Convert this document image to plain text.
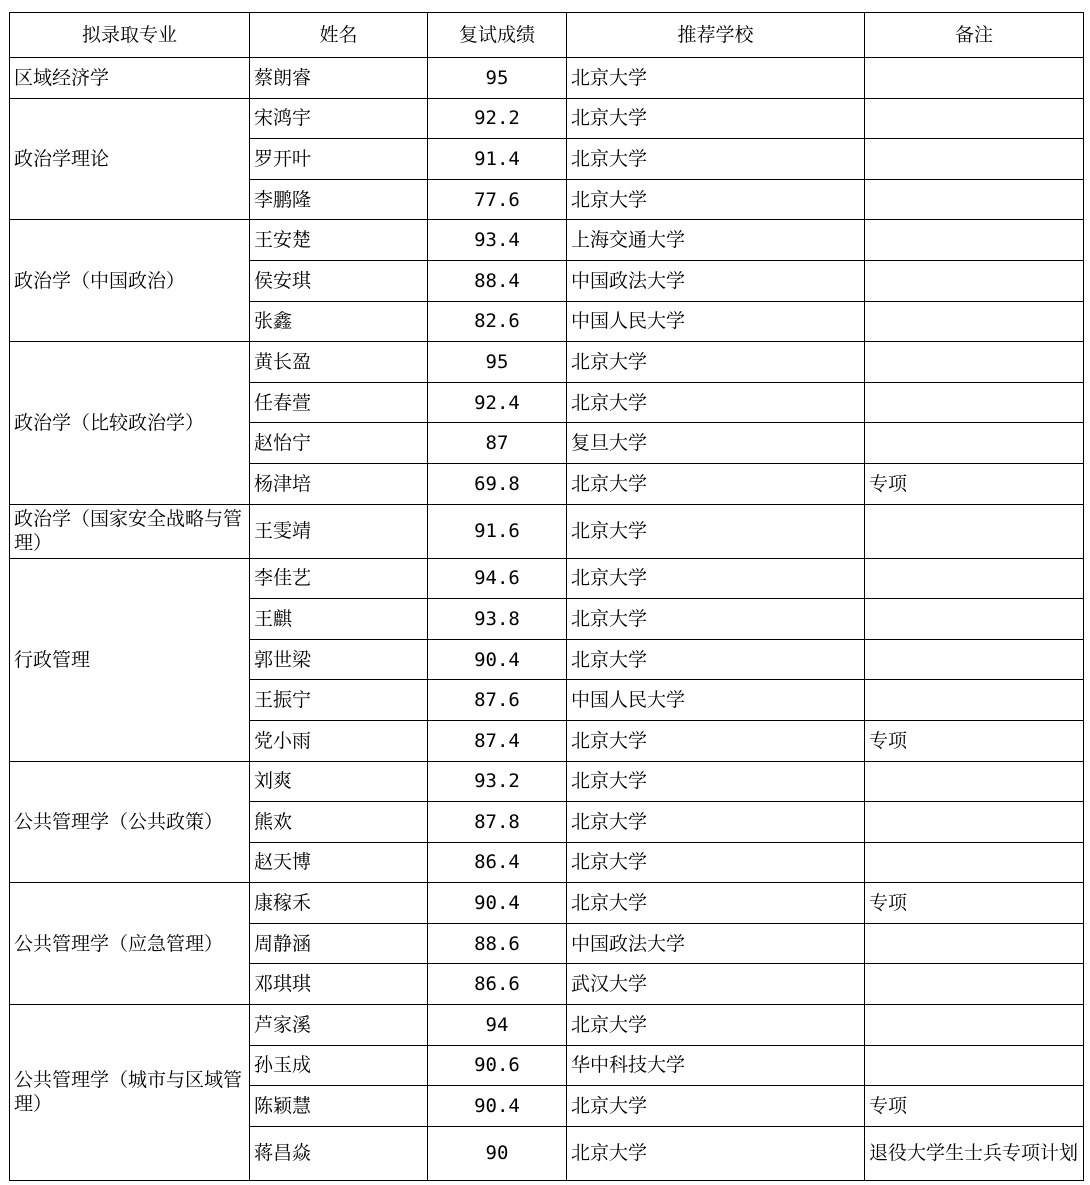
拟录取专业	姓名	复试成绩	推荐学校	备注
区域经济学	蔡朗睿	95	北京大学	
政治学理论	宋鸿宇	92.2	北京大学	
	罗开叶	91.4	北京大学	
	李鹏隆	77.6	北京大学	
政治学（中国政治）	王安楚	93.4	上海交通大学	
	侯安琪	88.4	中国政法大学	
	张鑫	82.6	中国人民大学	
政治学（比较政治学）	黄长盈	95	北京大学	
	任春萱	92.4	北京大学	
	赵怡宁	87	复旦大学	
	杨津培	69.8	北京大学	专项
政治学（国家安全战略与管理）	王雯靖	91.6	北京大学	
行政管理	李佳艺	94.6	北京大学	
	王麒	93.8	北京大学	
	郭世梁	90.4	北京大学	
	王振宁	87.6	中国人民大学	
	党小雨	87.4	北京大学	专项
公共管理学（公共政策）	刘爽	93.2	北京大学	
	熊欢	87.8	北京大学	
	赵天博	86.4	北京大学	
公共管理学（应急管理）	康稼禾	90.4	北京大学	专项
	周静涵	88.6	中国政法大学	
	邓琪琪	86.6	武汉大学	
公共管理学（城市与区域管理）	芦家溪	94	北京大学	
	孙玉成	90.6	华中科技大学	
	陈颖慧	90.4	北京大学	专项
	蒋昌焱	90	北京大学	退役大学生士兵专项计划
